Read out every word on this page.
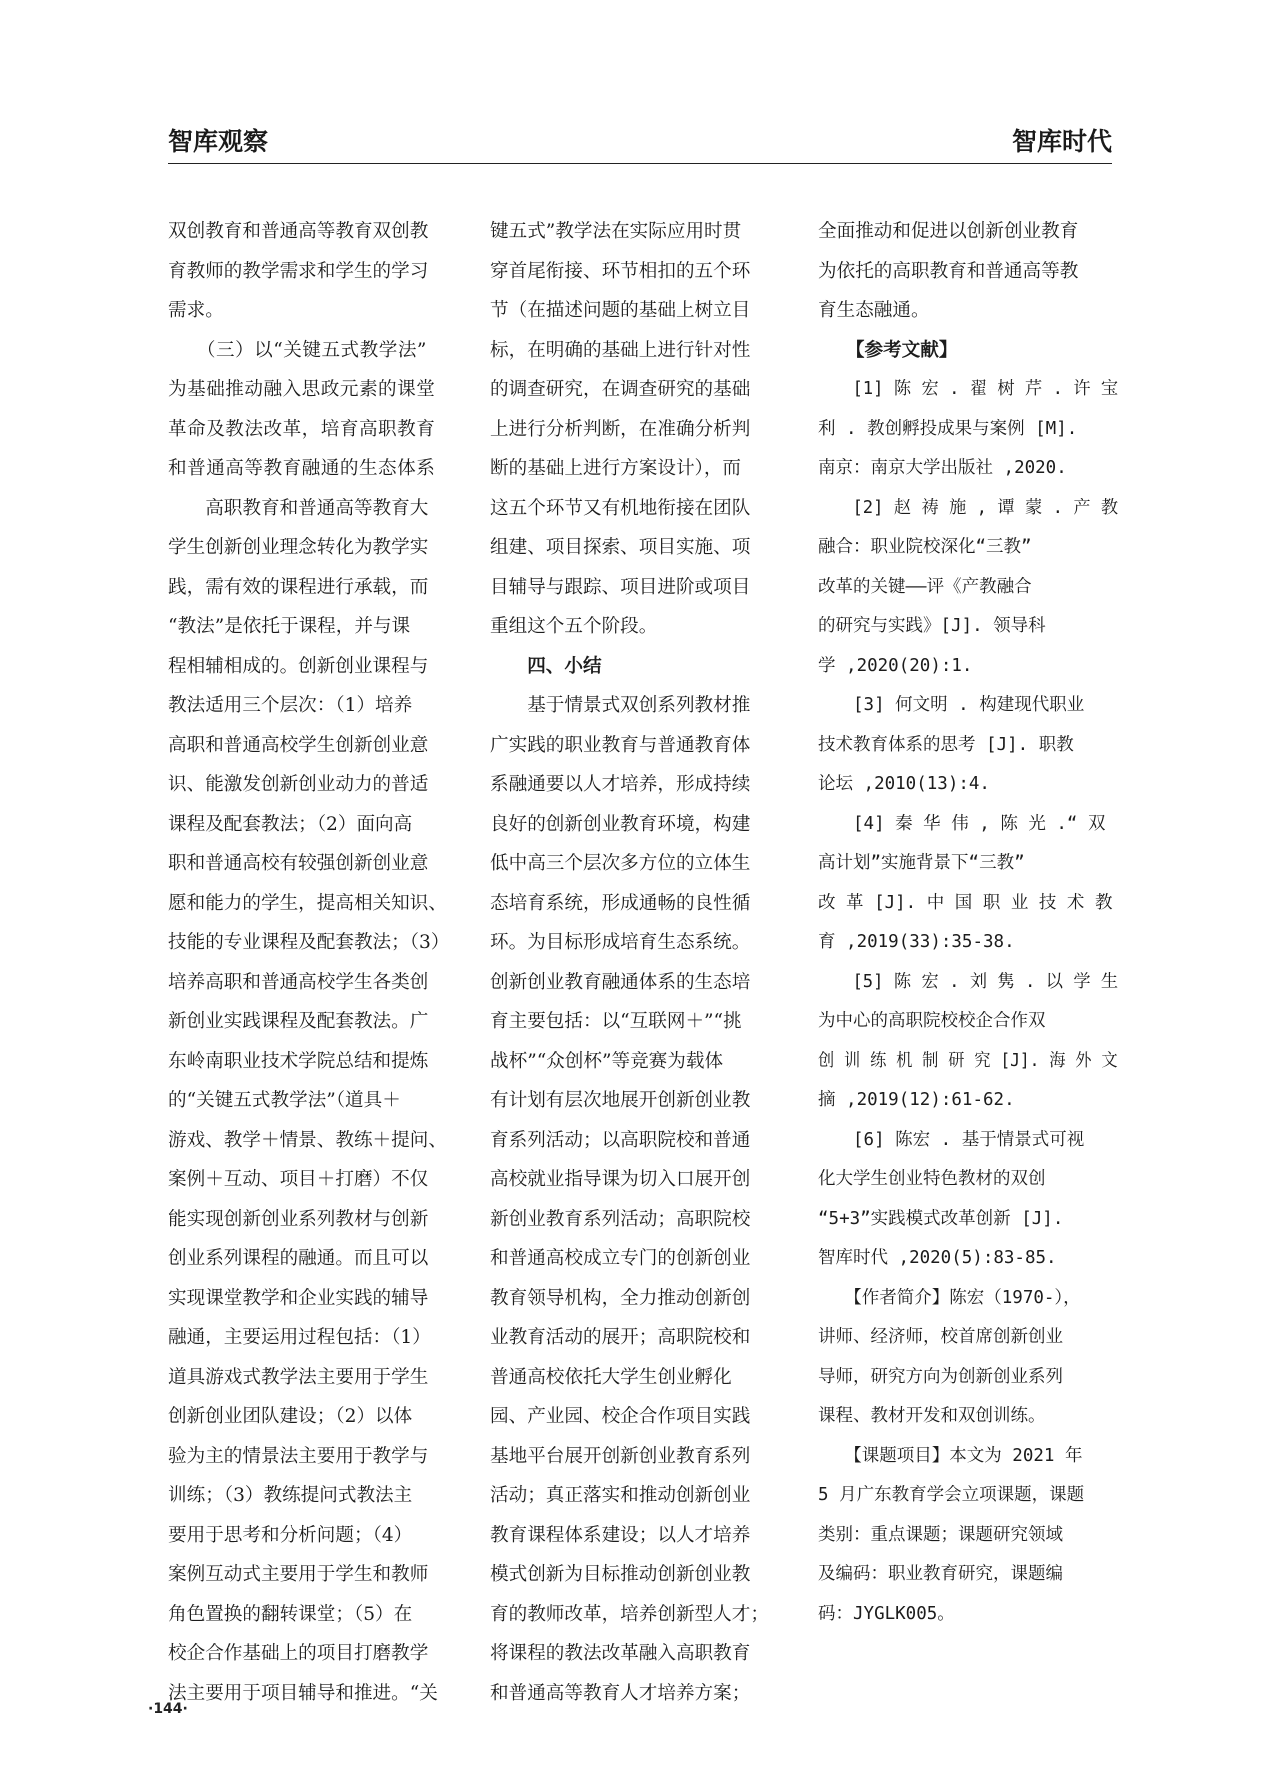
智库观察	智库时代
双创教育和普通高等教育双创教
育教师的教学需求和学生的学习
需求。
　　（三）以“关键五式教学法”
为基础推动融入思政元素的课堂
革命及教法改革，培育高职教育
和普通高等教育融通的生态体系
　　高职教育和普通高等教育大
学生创新创业理念转化为教学实
践，需有效的课程进行承载，而
“教法”是依托于课程，并与课
程相辅相成的。创新创业课程与
教法适用三个层次：（1）培养
高职和普通高校学生创新创业意
识、能激发创新创业动力的普适
课程及配套教法；（2）面向高
职和普通高校有较强创新创业意
愿和能力的学生，提高相关知识、
技能的专业课程及配套教法；（3）
培养高职和普通高校学生各类创
新创业实践课程及配套教法。广
东岭南职业技术学院总结和提炼
的“关键五式教学法”（道具＋
游戏、教学＋情景、教练＋提问、
案例＋互动、项目＋打磨）不仅
能实现创新创业系列教材与创新
创业系列课程的融通。而且可以
实现课堂教学和企业实践的辅导
融通，主要运用过程包括：（1）
道具游戏式教学法主要用于学生
创新创业团队建设；（2）以体
验为主的情景法主要用于教学与
训练；（3）教练提问式教法主
要用于思考和分析问题；（4）
案例互动式主要用于学生和教师
角色置换的翻转课堂；（5）在
校企合作基础上的项目打磨教学
法主要用于项目辅导和推进。“关
键五式”教学法在实际应用时贯
穿首尾衔接、环节相扣的五个环
节（在描述问题的基础上树立目
标，在明确的基础上进行针对性
的调查研究，在调查研究的基础
上进行分析判断，在准确分析判
断的基础上进行方案设计），而
这五个环节又有机地衔接在团队
组建、项目探索、项目实施、项
目辅导与跟踪、项目进阶或项目
重组这个五个阶段。
　　四、小结
　　基于情景式双创系列教材推
广实践的职业教育与普通教育体
系融通要以人才培养，形成持续
良好的创新创业教育环境，构建
低中高三个层次多方位的立体生
态培育系统，形成通畅的良性循
环。为目标形成培育生态系统。
创新创业教育融通体系的生态培
育主要包括：以“互联网＋”“挑
战杯”“众创杯”等竞赛为载体
有计划有层次地展开创新创业教
育系列活动；以高职院校和普通
高校就业指导课为切入口展开创
新创业教育系列活动；高职院校
和普通高校成立专门的创新创业
教育领导机构，全力推动创新创
业教育活动的展开；高职院校和
普通高校依托大学生创业孵化
园、产业园、校企合作项目实践
基地平台展开创新创业教育系列
活动；真正落实和推动创新创业
教育课程体系建设；以人才培养
模式创新为目标推动创新创业教
育的教师改革，培养创新型人才；
将课程的教法改革融入高职教育
和普通高等教育人才培养方案；
全面推动和促进以创新创业教育
为依托的高职教育和普通高等教
育生态融通。
　　【参考文献】
　　[1] 陈 宏 . 翟 树 芹 . 许 宝
利 . 教创孵投成果与案例 [M].
南京：南京大学出版社 ,2020.
　　[2] 赵 祷 施 , 谭 蒙 . 产 教
融合：职业院校深化“三教”
改革的关键——评《产教融合
的研究与实践》[J]. 领导科
学 ,2020(20):1.
　　[3] 何文明 . 构建现代职业
技术教育体系的思考 [J]. 职教
论坛 ,2010(13):4.
　　[4] 秦 华 伟 , 陈 光 .“ 双
高计划”实施背景下“三教”
改 革 [J]. 中 国 职 业 技 术 教
育 ,2019(33):35-38.
　　[5] 陈 宏 . 刘 隽 . 以 学 生
为中心的高职院校校企合作双
创 训 练 机 制 研 究 [J]. 海 外 文
摘 ,2019(12):61-62.
　　[6] 陈宏 . 基于情景式可视
化大学生创业特色教材的双创
“5+3”实践模式改革创新 [J].
智库时代 ,2020(5):83-85.
　　【作者简介】陈宏（1970-），
讲师、经济师，校首席创新创业
导师，研究方向为创新创业系列
课程、教材开发和双创训练。
　　【课题项目】本文为 2021 年
5 月广东教育学会立项课题，课题
类别：重点课题；课题研究领域
及编码：职业教育研究，课题编
码：JYGLK005。
·144·
